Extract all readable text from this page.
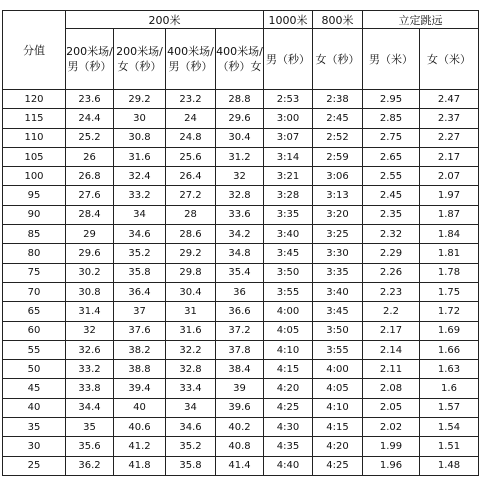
分值	200米				1000米	800米	立定跳远	
	200米场/男（秒）	200米场/女（秒）	400米场/男（秒）	400米场/（秒）女	男（秒）	女（秒）	男（米）	女（米）
120	23.6	29.2	23.2	28.8	2:53	2:38	2.95	2.47
115	24.4	30	24	29.6	3:00	2:45	2.85	2.37
110	25.2	30.8	24.8	30.4	3:07	2:52	2.75	2.27
105	26	31.6	25.6	31.2	3:14	2:59	2.65	2.17
100	26.8	32.4	26.4	32	3:21	3:06	2.55	2.07
95	27.6	33.2	27.2	32.8	3:28	3:13	2.45	1.97
90	28.4	34	28	33.6	3:35	3:20	2.35	1.87
85	29	34.6	28.6	34.2	3:40	3:25	2.32	1.84
80	29.6	35.2	29.2	34.8	3:45	3:30	2.29	1.81
75	30.2	35.8	29.8	35.4	3:50	3:35	2.26	1.78
70	30.8	36.4	30.4	36	3:55	3:40	2.23	1.75
65	31.4	37	31	36.6	4:00	3:45	2.2	1.72
60	32	37.6	31.6	37.2	4:05	3:50	2.17	1.69
55	32.6	38.2	32.2	37.8	4:10	3:55	2.14	1.66
50	33.2	38.8	32.8	38.4	4:15	4:00	2.11	1.63
45	33.8	39.4	33.4	39	4:20	4:05	2.08	1.6
40	34.4	40	34	39.6	4:25	4:10	2.05	1.57
35	35	40.6	34.6	40.2	4:30	4:15	2.02	1.54
30	35.6	41.2	35.2	40.8	4:35	4:20	1.99	1.51
25	36.2	41.8	35.8	41.4	4:40	4:25	1.96	1.48
